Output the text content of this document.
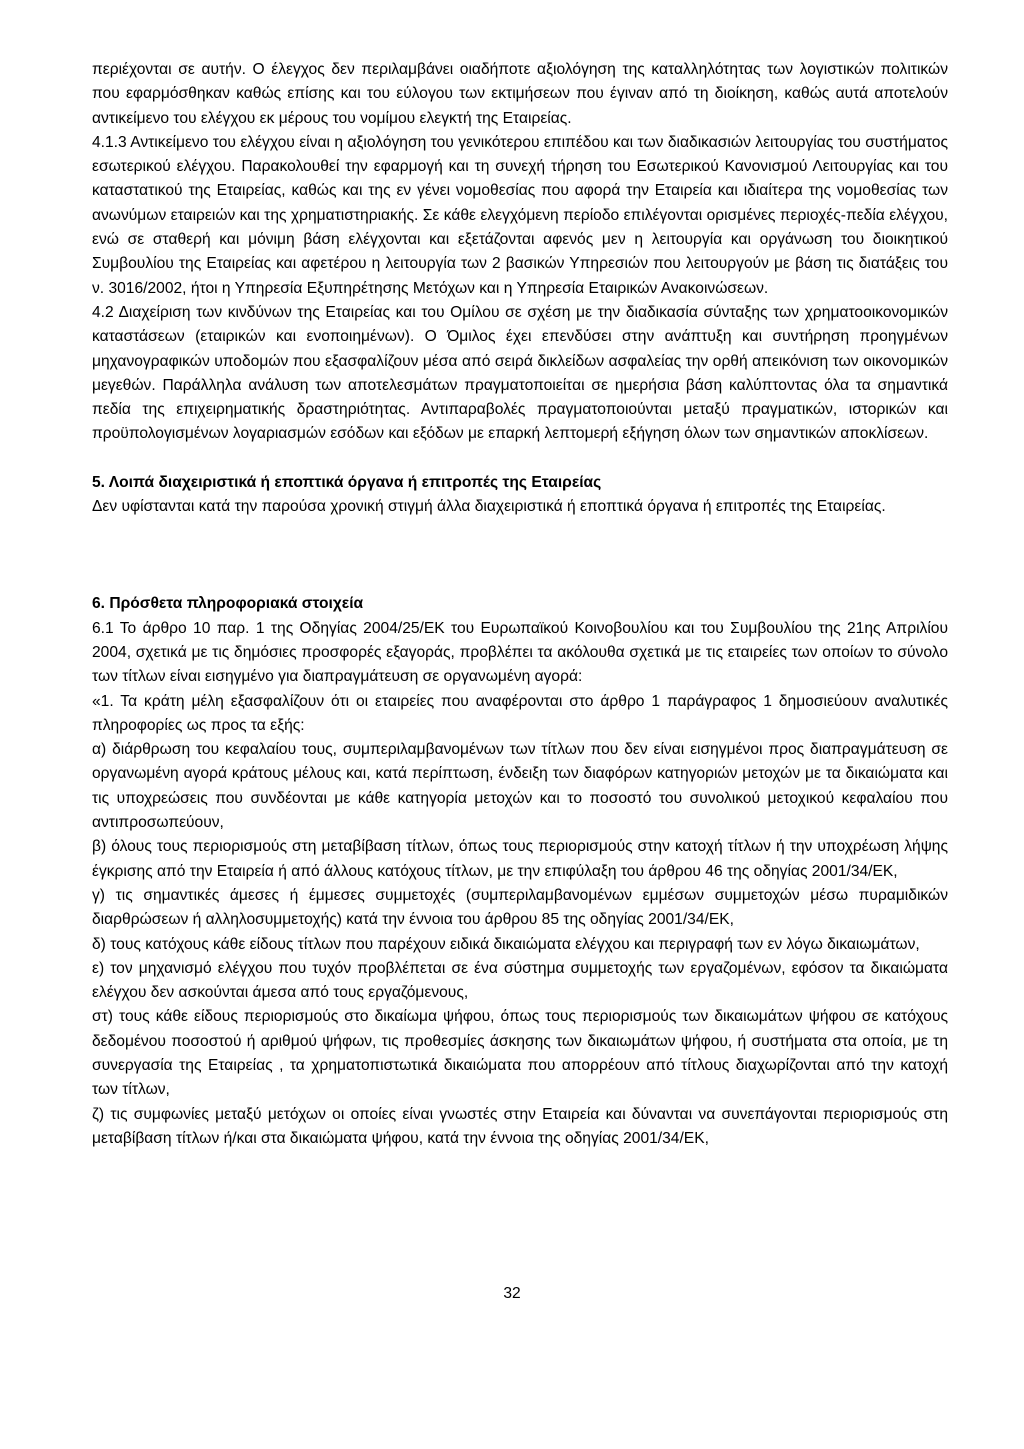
περιέχονται σε αυτήν. Ο έλεγχος δεν περιλαμβάνει οιαδήποτε αξιολόγηση της καταλληλότητας των λογιστικών πολιτικών που εφαρμόσθηκαν καθώς επίσης και του εύλογου των εκτιμήσεων που έγιναν από τη διοίκηση, καθώς αυτά αποτελούν αντικείμενο του ελέγχου εκ μέρους του νομίμου ελεγκτή της Εταιρείας.

4.1.3 Αντικείμενο του ελέγχου είναι η αξιολόγηση του γενικότερου επιπέδου και των διαδικασιών λειτουργίας του συστήματος εσωτερικού ελέγχου. Παρακολουθεί την εφαρμογή και τη συνεχή τήρηση του Εσωτερικού Κανονισμού Λειτουργίας και του καταστατικού της Εταιρείας, καθώς και της εν γένει νομοθεσίας που αφορά την Εταιρεία και ιδιαίτερα της νομοθεσίας των ανωνύμων εταιρειών και της χρηματιστηριακής. Σε κάθε ελεγχόμενη περίοδο επιλέγονται ορισμένες περιοχές-πεδία ελέγχου, ενώ σε σταθερή και μόνιμη βάση ελέγχονται και εξετάζονται αφενός μεν η λειτουργία και οργάνωση του διοικητικού Συμβουλίου της Εταιρείας και αφετέρου η λειτουργία των 2 βασικών Υπηρεσιών που λειτουργούν με βάση τις διατάξεις του ν. 3016/2002, ήτοι η Υπηρεσία Εξυπηρέτησης Μετόχων και η Υπηρεσία Εταιρικών Ανακοινώσεων.

4.2 Διαχείριση των κινδύνων της Εταιρείας και του Ομίλου σε σχέση με την διαδικασία σύνταξης των χρηματοοικονομικών καταστάσεων (εταιρικών και ενοποιημένων). Ο Όμιλος έχει επενδύσει στην ανάπτυξη και συντήρηση προηγμένων μηχανογραφικών υποδομών που εξασφαλίζουν μέσα από σειρά δικλείδων ασφαλείας την ορθή απεικόνιση των οικονομικών μεγεθών. Παράλληλα ανάλυση των αποτελεσμάτων πραγματοποιείται σε ημερήσια βάση καλύπτοντας όλα τα σημαντικά πεδία της επιχειρηματικής δραστηριότητας. Αντιπαραβολές πραγματοποιούνται μεταξύ πραγματικών, ιστορικών και προϋπολογισμένων λογαριασμών εσόδων και εξόδων με επαρκή λεπτομερή εξήγηση όλων των σημαντικών αποκλίσεων.

5. Λοιπά διαχειριστικά ή εποπτικά όργανα ή επιτροπές της Εταιρείας

Δεν υφίστανται κατά την παρούσα χρονική στιγμή άλλα διαχειριστικά ή εποπτικά όργανα ή επιτροπές της Εταιρείας.

6. Πρόσθετα πληροφοριακά στοιχεία

6.1 Το άρθρο 10 παρ. 1 της Οδηγίας 2004/25/ΕΚ του Ευρωπαϊκού Κοινοβουλίου και του Συμβουλίου της 21ης Απριλίου 2004, σχετικά με τις δημόσιες προσφορές εξαγοράς, προβλέπει τα ακόλουθα σχετικά με τις εταιρείες των οποίων το σύνολο των τίτλων είναι εισηγμένο για διαπραγμάτευση σε οργανωμένη αγορά:

«1. Τα κράτη μέλη εξασφαλίζουν ότι οι εταιρείες που αναφέρονται στο άρθρο 1 παράγραφος 1 δημοσιεύουν αναλυτικές πληροφορίες ως προς τα εξής:

α) διάρθρωση του κεφαλαίου τους, συμπεριλαμβανομένων των τίτλων που δεν είναι εισηγμένοι προς διαπραγμάτευση σε οργανωμένη αγορά κράτους μέλους και, κατά περίπτωση, ένδειξη των διαφόρων κατηγοριών μετοχών με τα δικαιώματα και τις υποχρεώσεις που συνδέονται με κάθε κατηγορία μετοχών και το ποσοστό του συνολικού μετοχικού κεφαλαίου που αντιπροσωπεύουν,

β) όλους τους περιορισμούς στη μεταβίβαση τίτλων, όπως τους περιορισμούς στην κατοχή τίτλων ή την υποχρέωση λήψης έγκρισης από την Εταιρεία ή από άλλους κατόχους τίτλων, με την επιφύλαξη του άρθρου 46 της οδηγίας 2001/34/ΕΚ,

γ) τις σημαντικές άμεσες ή έμμεσες συμμετοχές (συμπεριλαμβανομένων εμμέσων συμμετοχών μέσω πυραμιδικών διαρθρώσεων ή αλληλοσυμμετοχής) κατά την έννοια του άρθρου 85 της οδηγίας 2001/34/ΕΚ,

δ) τους κατόχους κάθε είδους τίτλων που παρέχουν ειδικά δικαιώματα ελέγχου και περιγραφή των εν λόγω δικαιωμάτων,

ε) τον μηχανισμό ελέγχου που τυχόν προβλέπεται σε ένα σύστημα συμμετοχής των εργαζομένων, εφόσον τα δικαιώματα ελέγχου δεν ασκούνται άμεσα από τους εργαζόμενους,

στ) τους κάθε είδους περιορισμούς στο δικαίωμα ψήφου, όπως τους περιορισμούς των δικαιωμάτων ψήφου σε κατόχους δεδομένου ποσοστού ή αριθμού ψήφων, τις προθεσμίες άσκησης των δικαιωμάτων ψήφου, ή συστήματα στα οποία, με τη συνεργασία της Εταιρείας , τα χρηματοπιστωτικά δικαιώματα που απορρέουν από τίτλους διαχωρίζονται από την κατοχή των τίτλων,

ζ) τις συμφωνίες μεταξύ μετόχων οι οποίες είναι γνωστές στην Εταιρεία και δύνανται να συνεπάγονται περιορισμούς στη μεταβίβαση τίτλων ή/και στα δικαιώματα ψήφου, κατά την έννοια της οδηγίας 2001/34/ΕΚ,

32
